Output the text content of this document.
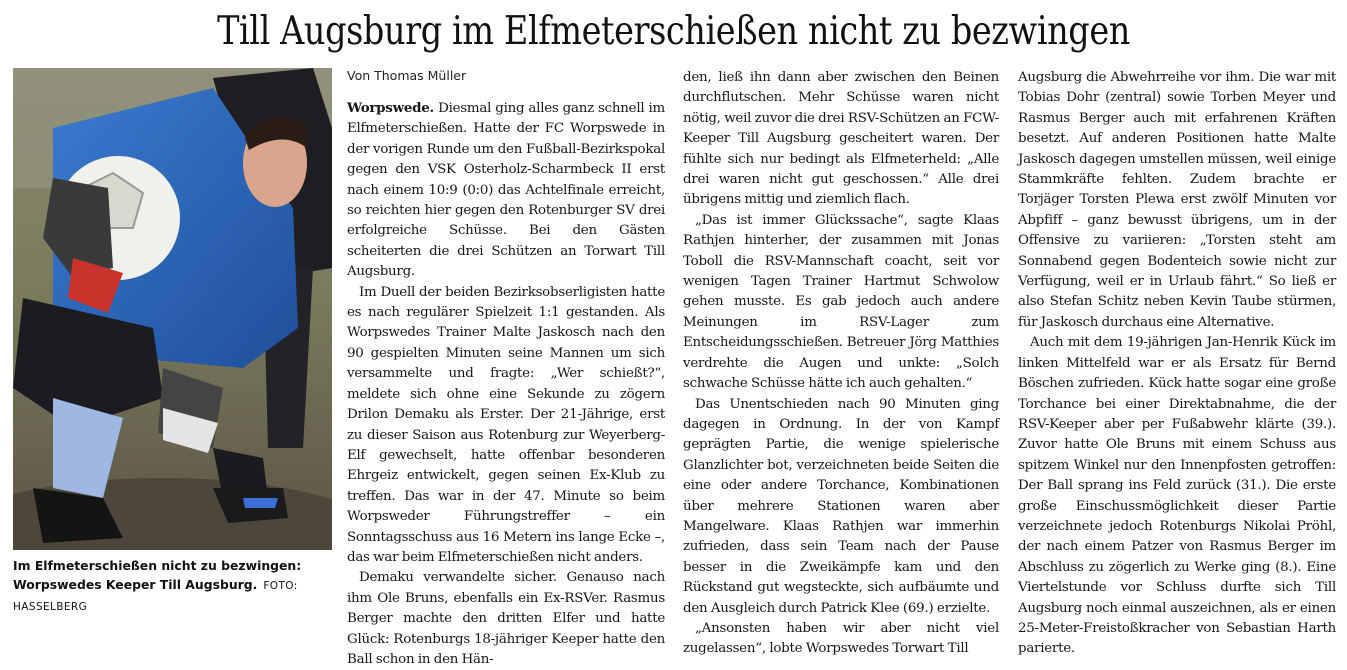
Till Augsburg im Elfmeterschießen nicht zu bezwingen
Im Elfmeterschießen nicht zu bezwingen: Worpswedes Keeper Till Augsburg. FOTO: HASSELBERG
Von Thomas Müller

Worpswede. Diesmal ging alles ganz schnell im Elfmeterschießen. Hatte der FC Worpswede in der vorigen Runde um den Fußball-Bezirkspokal gegen den VSK Osterholz-Scharmbeck II erst nach einem 10:9 (0:0) das Achtelfinale erreicht, so reichten hier gegen den Rotenburger SV drei erfolgreiche Schüsse. Bei den Gästen scheiterten die drei Schützen an Torwart Till Augsburg.

Im Duell der beiden Bezirksobserligisten hatte es nach regulärer Spielzeit 1:1 gestanden. Als Worpswedes Trainer Malte Jaskosch nach den 90 gespielten Minuten seine Mannen um sich versammelte und fragte: „Wer schießt?“, meldete sich ohne eine Sekunde zu zögern Drilon Demaku als Erster. Der 21-Jährige, erst zu dieser Saison aus Rotenburg zur Weyerberg-Elf gewechselt, hatte offenbar besonderen Ehrgeiz entwickelt, gegen seinen Ex-Klub zu treffen. Das war in der 47. Minute so beim Worpsweder Führungstreffer – ein Sonntagsschuss aus 16 Metern ins lange Ecke –, das war beim Elfmeterschießen nicht anders.

Demaku verwandelte sicher. Genauso nach ihm Ole Bruns, ebenfalls ein Ex-RSVer. Rasmus Berger machte den dritten Elfer und hatte Glück: Rotenburgs 18-jähriger Keeper hatte den Ball schon in den Hän-

den, ließ ihn dann aber zwischen den Beinen durchflutschen. Mehr Schüsse waren nicht nötig, weil zuvor die drei RSV-Schützen an FCW-Keeper Till Augsburg gescheitert waren. Der fühlte sich nur bedingt als Elfmeterheld: „Alle drei waren nicht gut geschossen.“ Alle drei übrigens mittig und ziemlich flach.

„Das ist immer Glückssache“, sagte Klaas Rathjen hinterher, der zusammen mit Jonas Toboll die RSV-Mannschaft coacht, seit vor wenigen Tagen Trainer Hartmut Schwolow gehen musste. Es gab jedoch auch andere Meinungen im RSV-Lager zum Entscheidungsschießen. Betreuer Jörg Matthies verdrehte die Augen und unkte: „Solch schwache Schüsse hätte ich auch gehalten.“

Das Unentschieden nach 90 Minuten ging dagegen in Ordnung. In der von Kampf geprägten Partie, die wenige spielerische Glanzlichter bot, verzeichneten beide Seiten die eine oder andere Torchance, Kombinationen über mehrere Stationen waren aber Mangelware. Klaas Rathjen war immerhin zufrieden, dass sein Team nach der Pause besser in die Zweikämpfe kam und den Rückstand gut wegsteckte, sich aufbäumte und den Ausgleich durch Patrick Klee (69.) erzielte.

„Ansonsten haben wir aber nicht viel zugelassen“, lobte Worpswedes Torwart Till

Augsburg die Abwehrreihe vor ihm. Die war mit Tobias Dohr (zentral) sowie Torben Meyer und Rasmus Berger auch mit erfahrenen Kräften besetzt. Auf anderen Positionen hatte Malte Jaskosch dagegen umstellen müssen, weil einige Stammkräfte fehlten. Zudem brachte er Torjäger Torsten Plewa erst zwölf Minuten vor Abpfiff – ganz bewusst übrigens, um in der Offensive zu variieren: „Torsten steht am Sonnabend gegen Bodenteich sowie nicht zur Verfügung, weil er in Urlaub fährt.“ So ließ er also Stefan Schitz neben Kevin Taube stürmen, für Jaskosch durchaus eine Alternative.

Auch mit dem 19-jährigen Jan-Henrik Kück im linken Mittelfeld war er als Ersatz für Bernd Böschen zufrieden. Kück hatte sogar eine große Torchance bei einer Direktabnahme, die der RSV-Keeper aber per Fußabwehr klärte (39.). Zuvor hatte Ole Bruns mit einem Schuss aus spitzem Winkel nur den Innenpfosten getroffen: Der Ball sprang ins Feld zurück (31.). Die erste große Einschussmöglichkeit dieser Partie verzeichnete jedoch Rotenburgs Nikolai Pröhl, der nach einem Patzer von Rasmus Berger im Abschluss zu zögerlich zu Werke ging (8.). Eine Viertelstunde vor Schluss durfte sich Till Augsburg noch einmal auszeichnen, als er einen 25-Meter-Freistoßkracher von Sebastian Harth parierte.
